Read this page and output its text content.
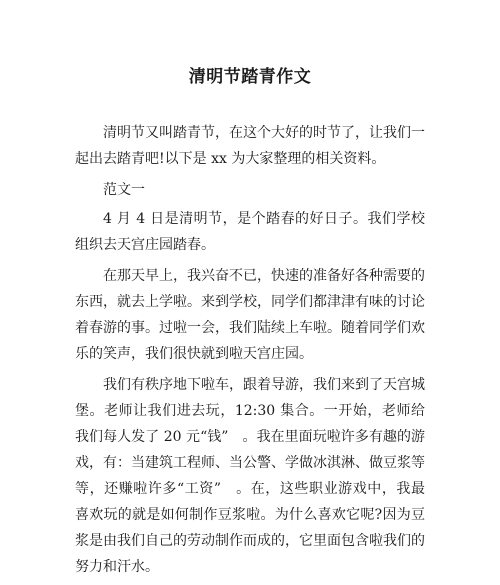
清明节踏青作文

清明节又叫踏青节，在这个大好的时节了，让我们一起出去踏青吧!以下是 xx 为大家整理的相关资料。

范文一

4 月 4 日是清明节，是个踏春的好日子。我们学校组织去天宫庄园踏春。

在那天早上，我兴奋不已，快速的准备好各种需要的东西，就去上学啦。来到学校，同学们都津津有味的讨论着春游的事。过啦一会，我们陆续上车啦。随着同学们欢乐的笑声，我们很快就到啦天宫庄园。

我们有秩序地下啦车，跟着导游，我们来到了天宫城堡。老师让我们进去玩，12:30 集合。一开始，老师给我们每人发了 20 元“钱”　。我在里面玩啦许多有趣的游戏，有：当建筑工程师、当公警、学做冰淇淋、做豆浆等等，还赚啦许多“工资”　。在，这些职业游戏中，我最喜欢玩的就是如何制作豆浆啦。为什么喜欢它呢?因为豆浆是由我们自己的劳动制作而成的，它里面包含啦我们的努力和汗水。
